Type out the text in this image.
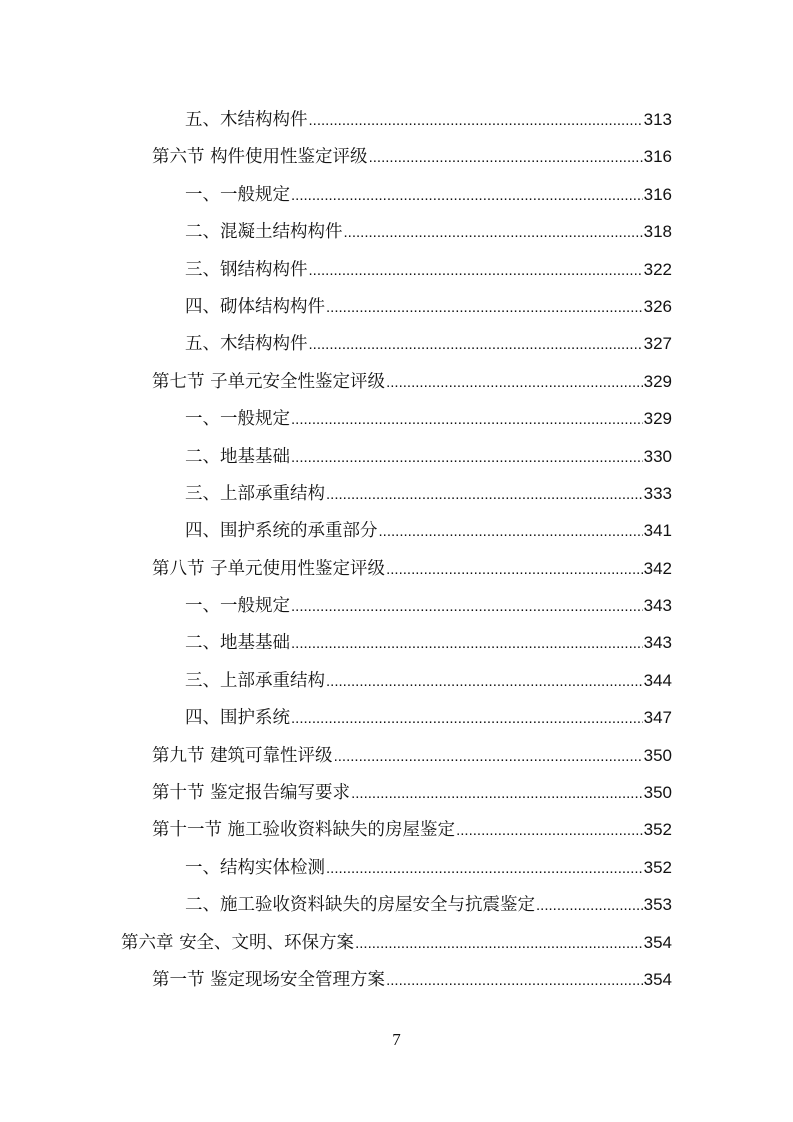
五、木结构构件 .....	313
第六节 构件使用性鉴定评级 .....	316
一、一般规定 .....	316
二、混凝土结构构件 .....	318
三、钢结构构件 .....	322
四、砌体结构构件 .....	326
五、木结构构件 .....	327
第七节 子单元安全性鉴定评级 .....	329
一、一般规定 .....	329
二、地基基础 .....	330
三、上部承重结构 .....	333
四、围护系统的承重部分 .....	341
第八节 子单元使用性鉴定评级 .....	342
一、一般规定 .....	343
二、地基基础 .....	343
三、上部承重结构 .....	344
四、围护系统 .....	347
第九节 建筑可靠性评级 .....	350
第十节 鉴定报告编写要求 .....	350
第十一节 施工验收资料缺失的房屋鉴定 .....	352
一、结构实体检测 .....	352
二、施工验收资料缺失的房屋安全与抗震鉴定 .....	353
第六章 安全、文明、环保方案 .....	354
第一节 鉴定现场安全管理方案 .....	354
7
